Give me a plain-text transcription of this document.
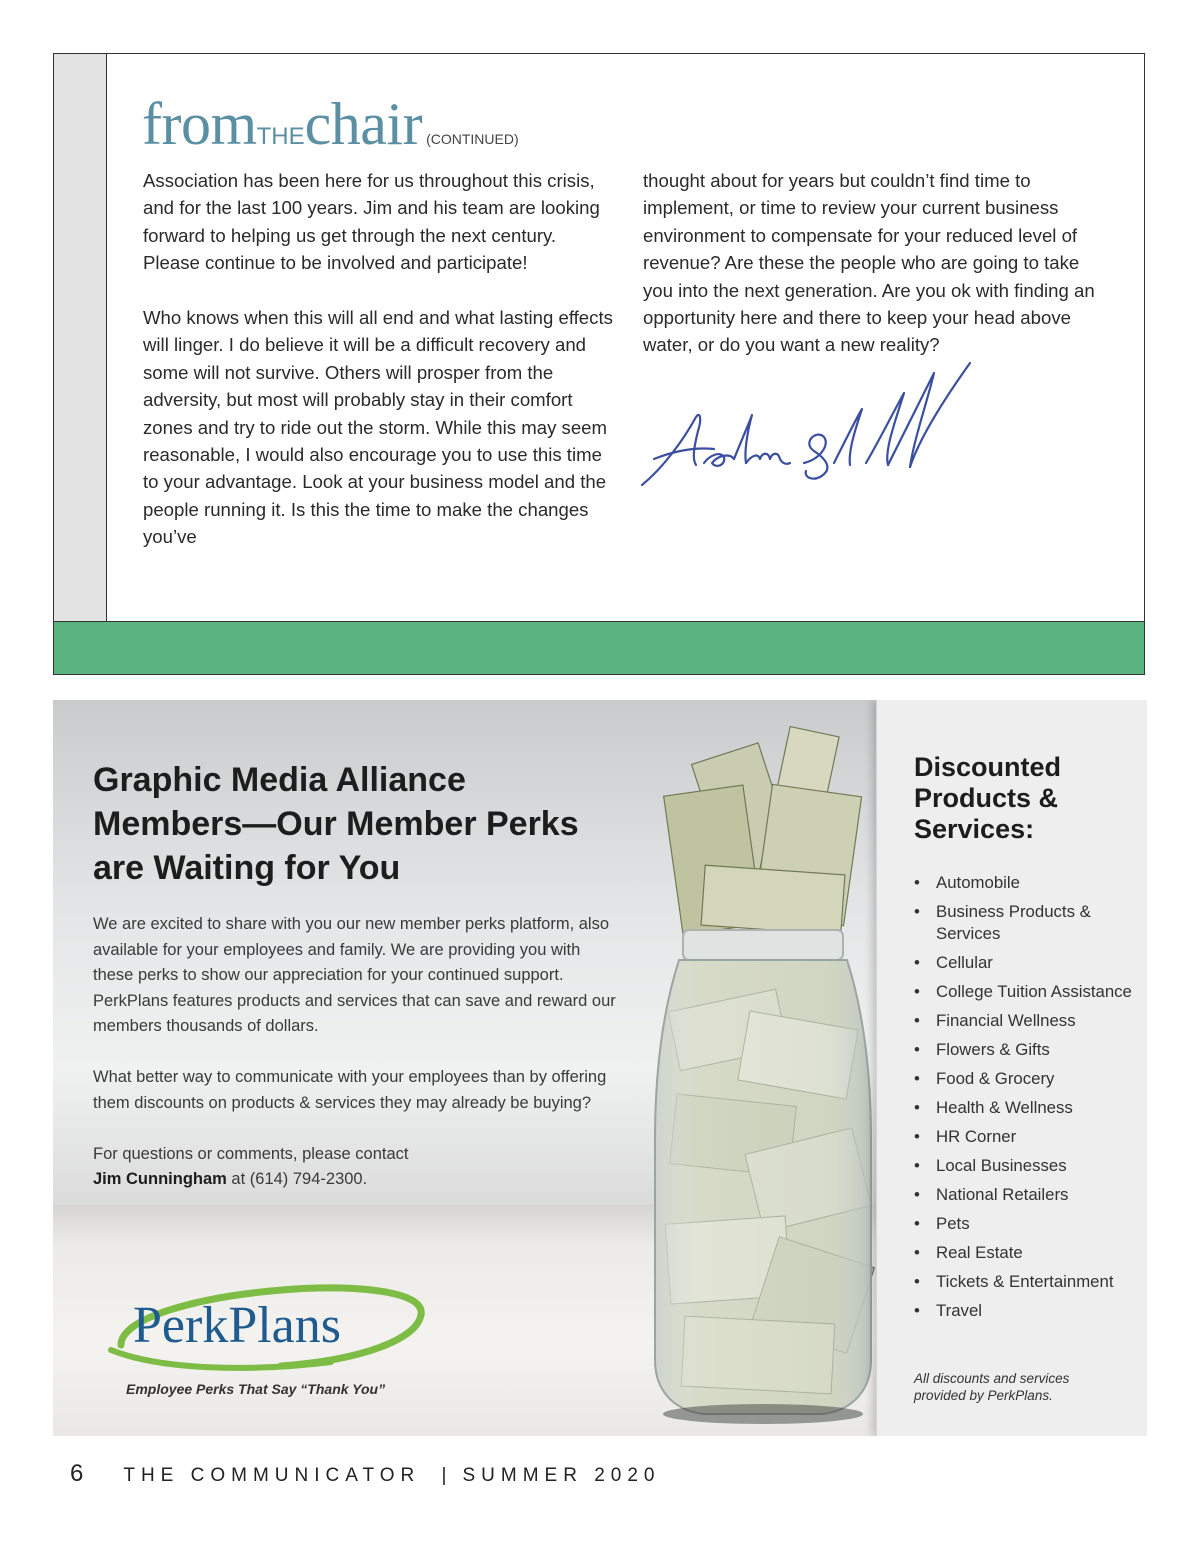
fromTHEchair (CONTINUED)

Association has been here for us throughout this crisis, and for the last 100 years. Jim and his team are looking forward to helping us get through the next century. Please continue to be involved and participate!

Who knows when this will all end and what lasting effects will linger. I do believe it will be a difficult recovery and some will not survive. Others will prosper from the adversity, but most will probably stay in their comfort zones and try to ride out the storm. While this may seem reasonable, I would also encourage you to use this time to your advantage. Look at your business model and the people running it. Is this the time to make the changes you’ve

thought about for years but couldn’t find time to implement, or time to review your current business environment to compensate for your reduced level of revenue? Are these the people who are going to take you into the next generation. Are you ok with finding an opportunity here and there to keep your head above water, or do you want a new reality?

Graphic Media Alliance Members—Our Member Perks are Waiting for You

We are excited to share with you our new member perks platform, also available for your employees and family. We are providing you with these perks to show our appreciation for your continued support. PerkPlans features products and services that can save and reward our members thousands of dollars.

What better way to communicate with your employees than by offering them discounts on products & services they may already be buying?

For questions or comments, please contact
Jim Cunningham at (614) 794-2300.

PerkPlans
Employee Perks That Say “Thank You”
Discounted Products & Services:
• Automobile
• Business Products & Services
• Cellular
• College Tuition Assistance
• Financial Wellness
• Flowers & Gifts
• Food & Grocery
• Health & Wellness
• HR Corner
• Local Businesses
• National Retailers
• Pets
• Real Estate
• Tickets & Entertainment
• Travel
All discounts and services provided by PerkPlans.
6 THE COMMUNICATOR | SUMMER 2020
